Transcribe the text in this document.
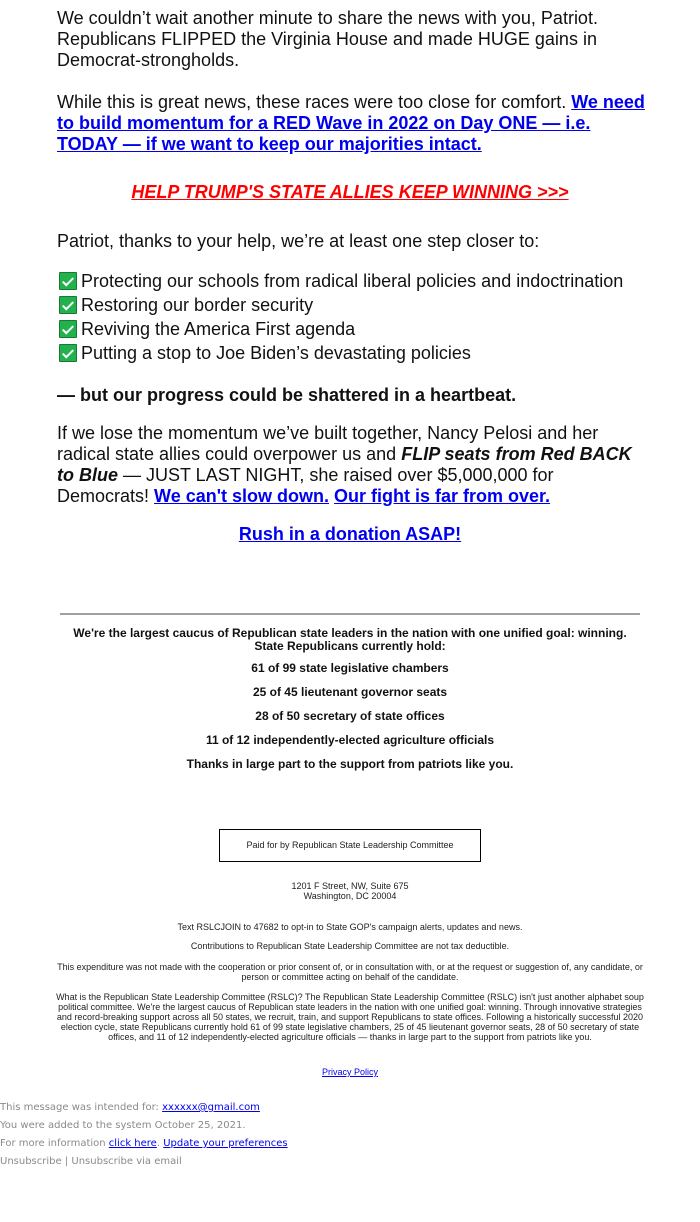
We couldn’t wait another minute to share the news with you, Patriot. Republicans FLIPPED the Virginia House and made HUGE gains in Democrat-strongholds.

While this is great news, these races were too close for comfort. We need to build momentum for a RED Wave in 2022 on Day ONE — i.e. TODAY — if we want to keep our majorities intact.

HELP TRUMP'S STATE ALLIES KEEP WINNING >>>

Patriot, thanks to your help, we’re at least one step closer to:

Protecting our schools from radical liberal policies and indoctrination
Restoring our border security
Reviving the America First agenda
Putting a stop to Joe Biden’s devastating policies

— but our progress could be shattered in a heartbeat.

If we lose the momentum we’ve built together, Nancy Pelosi and her radical state allies could overpower us and FLIP seats from Red BACK to Blue — JUST LAST NIGHT, she raised over $5,000,000 for Democrats! We can't slow down. Our fight is far from over.

Rush in a donation ASAP!
We're the largest caucus of Republican state leaders in the nation with one unified goal: winning.
State Republicans currently hold:
61 of 99 state legislative chambers
25 of 45 lieutenant governor seats
28 of 50 secretary of state offices
11 of 12 independently-elected agriculture officials
Thanks in large part to the support from patriots like you.
Paid for by Republican State Leadership Committee
1201 F Street, NW, Suite 675
Washington, DC 20004
Text RSLCJOIN to 47682 to opt-in to State GOP's campaign alerts, updates and news.
Contributions to Republican State Leadership Committee are not tax deductible.
This expenditure was not made with the cooperation or prior consent of, or in consultation with, or at the request or suggestion of, any candidate, or person or committee acting on behalf of the candidate.
What is the Republican State Leadership Committee (RSLC)? The Republican State Leadership Committee (RSLC) isn't just another alphabet soup political committee. We're the largest caucus of Republican state leaders in the nation with one unified goal: winning. Through innovative strategies and record-breaking support across all 50 states, we recruit, train, and support Republicans to state offices. Following a historically successful 2020 election cycle, state Republicans currently hold 61 of 99 state legislative chambers, 25 of 45 lieutenant governor seats, 28 of 50 secretary of state offices, and 11 of 12 independently-elected agriculture officials — thanks in large part to the support from patriots like you.
Privacy Policy
This message was intended for: xxxxxx@gmail.com
You were added to the system October 25, 2021.
For more information click here. Update your preferences
Unsubscribe | Unsubscribe via email
